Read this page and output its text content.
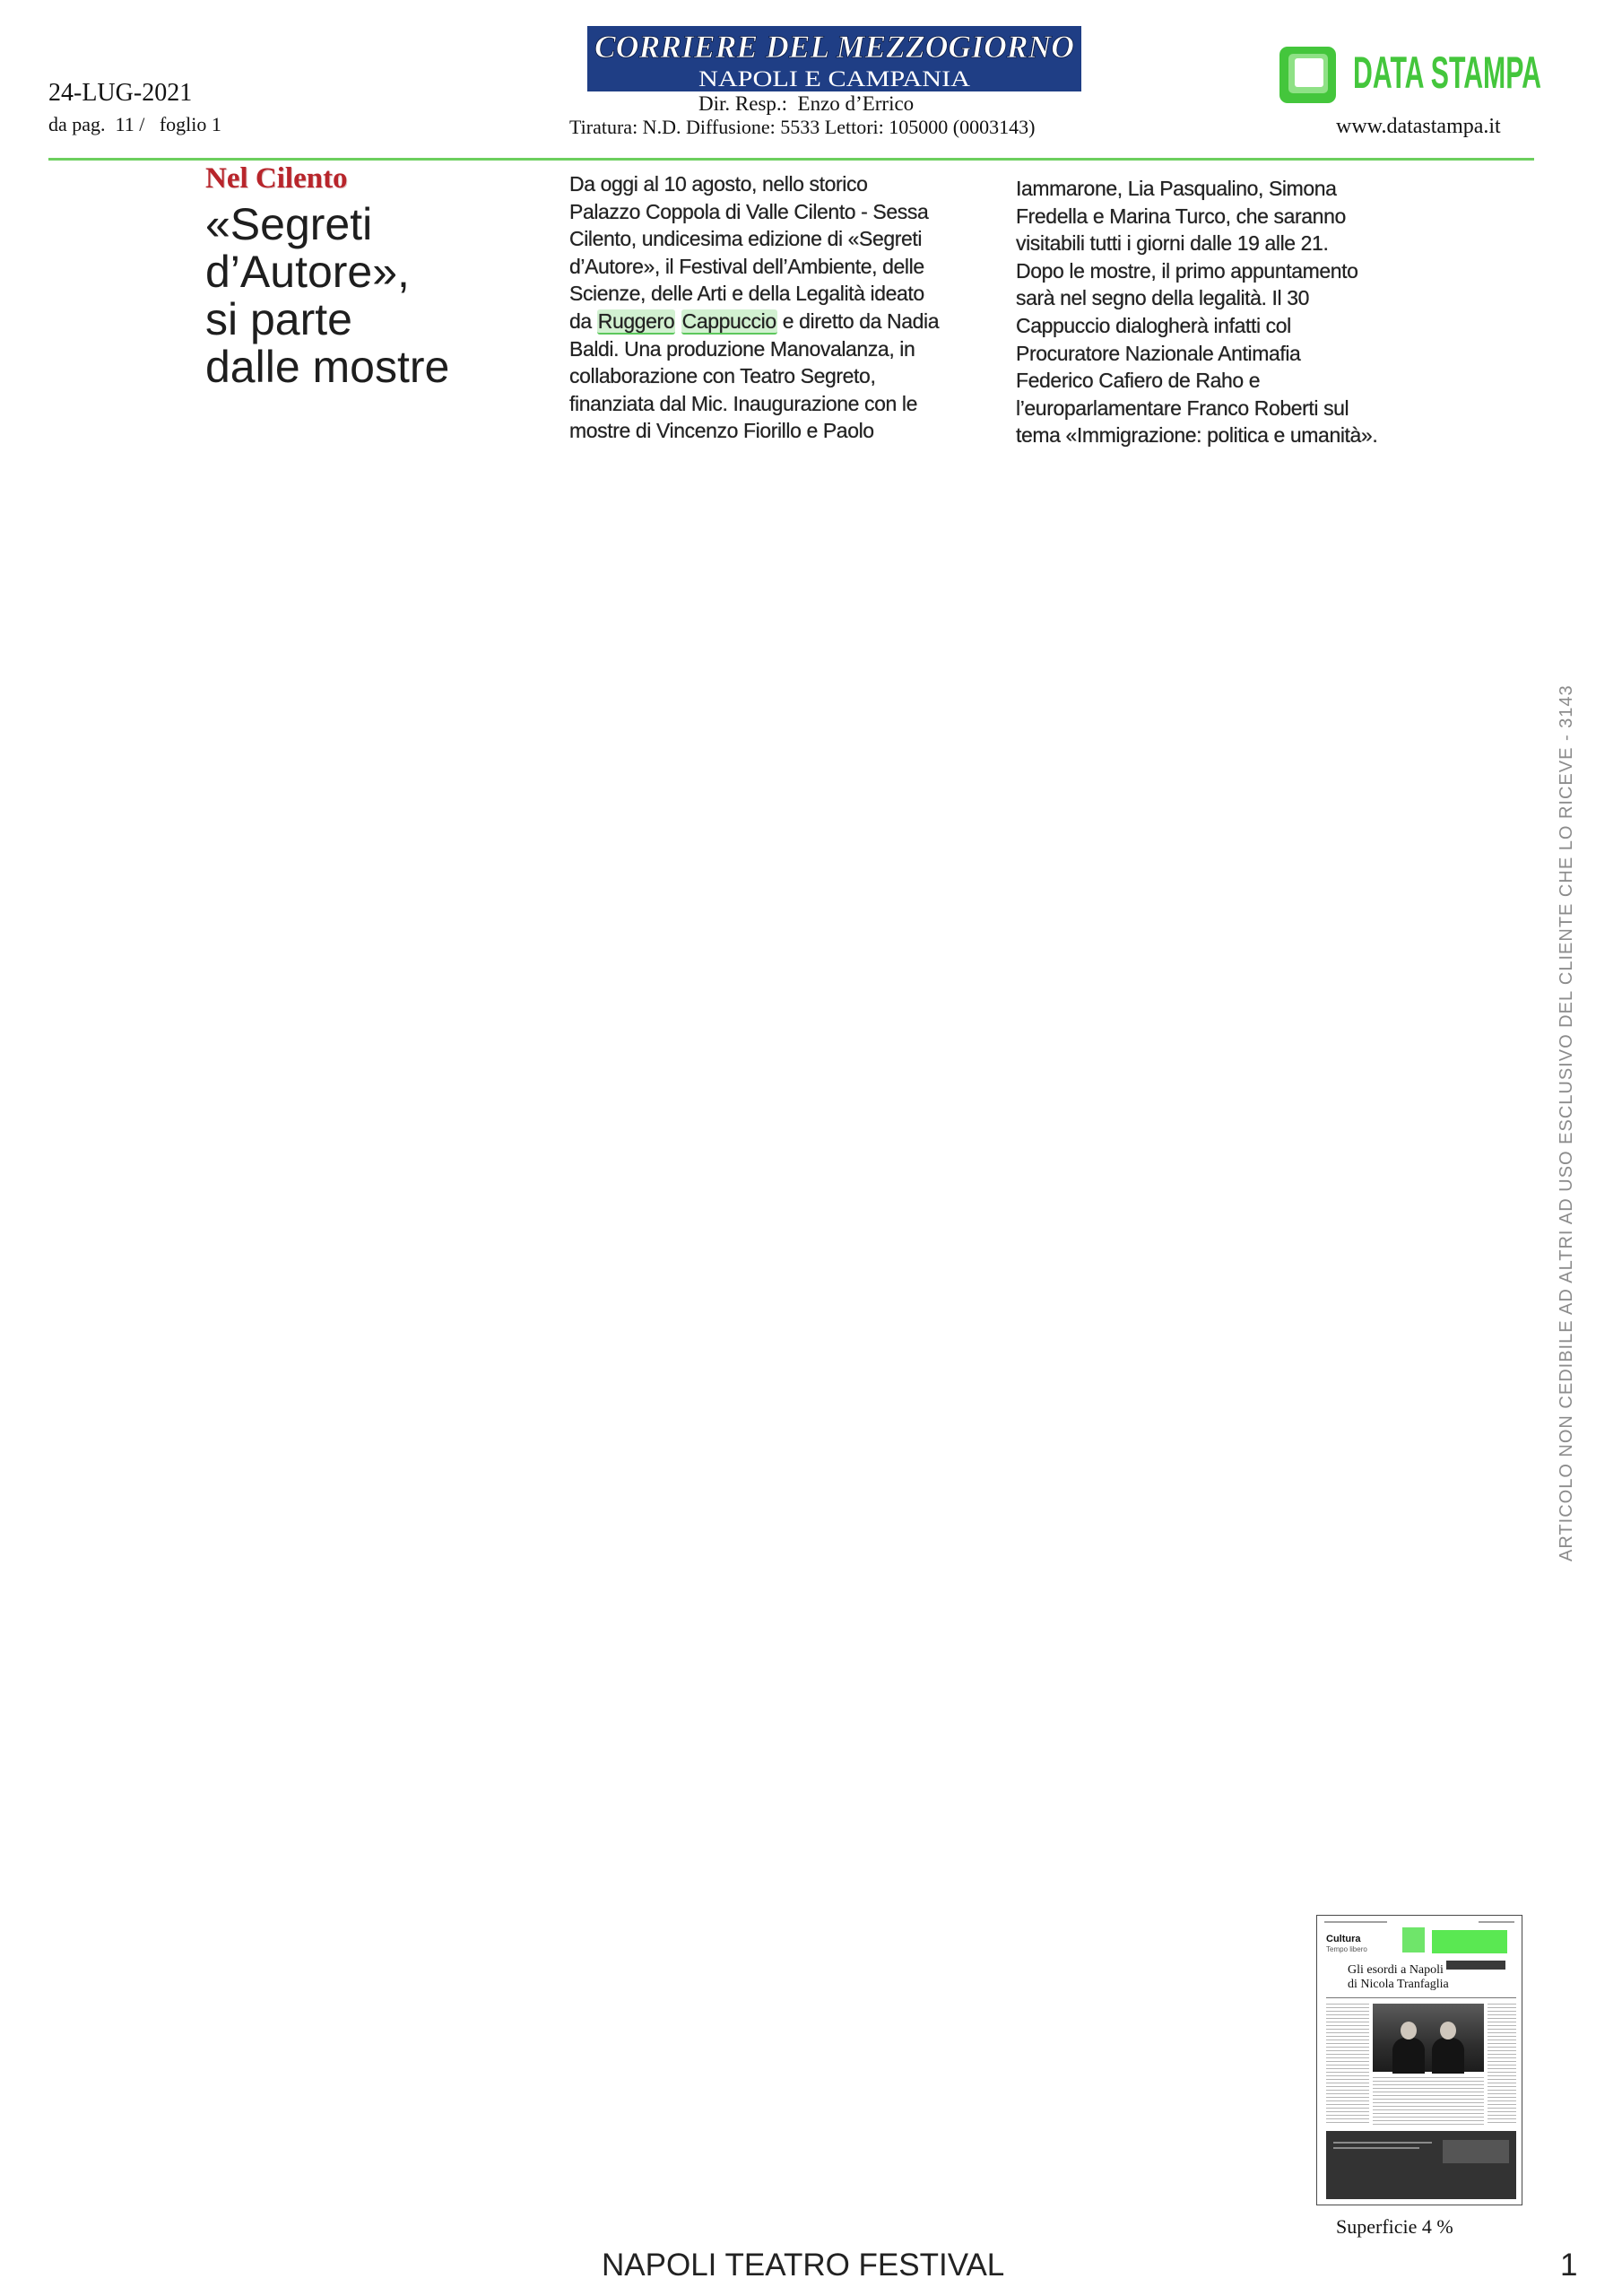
24-LUG-2021
da pag.  11 /   foglio 1
CORRIERE DEL MEZZOGIORNO
NAPOLI E CAMPANIA
Dir. Resp.:  Enzo d’Errico
Tiratura: N.D. Diffusione: 5533 Lettori: 105000 (0003143)
DATA STAMPA
www.datastampa.it
Nel Cilento
«Segreti
d’Autore»,
si parte
dalle mostre
Da oggi al 10 agosto, nello storico
Palazzo Coppola di Valle Cilento - Sessa
Cilento, undicesima edizione di «Segreti
d’Autore», il Festival dell’Ambiente, delle
Scienze, delle Arti e della Legalità ideato
da Ruggero Cappuccio e diretto da Nadia
Baldi. Una produzione Manovalanza, in
collaborazione con Teatro Segreto,
finanziata dal Mic. Inaugurazione con le
mostre di Vincenzo Fiorillo e Paolo
Iammarone, Lia Pasqualino, Simona
Fredella e Marina Turco, che saranno
visitabili tutti i giorni dalle 19 alle 21.
Dopo le mostre, il primo appuntamento
sarà nel segno della legalità. Il 30
Cappuccio dialogherà infatti col
Procuratore Nazionale Antimafia
Federico Cafiero de Raho e
l’europarlamentare Franco Roberti sul
tema «Immigrazione: politica e umanità».
ARTICOLO NON CEDIBILE AD ALTRI AD USO ESCLUSIVO DEL CLIENTE CHE LO RICEVE - 3143
Cultura
Tempo libero
Gli esordi a Napoli
di Nicola Tranfaglia
Superficie 4 %
NAPOLI TEATRO FESTIVAL	1
